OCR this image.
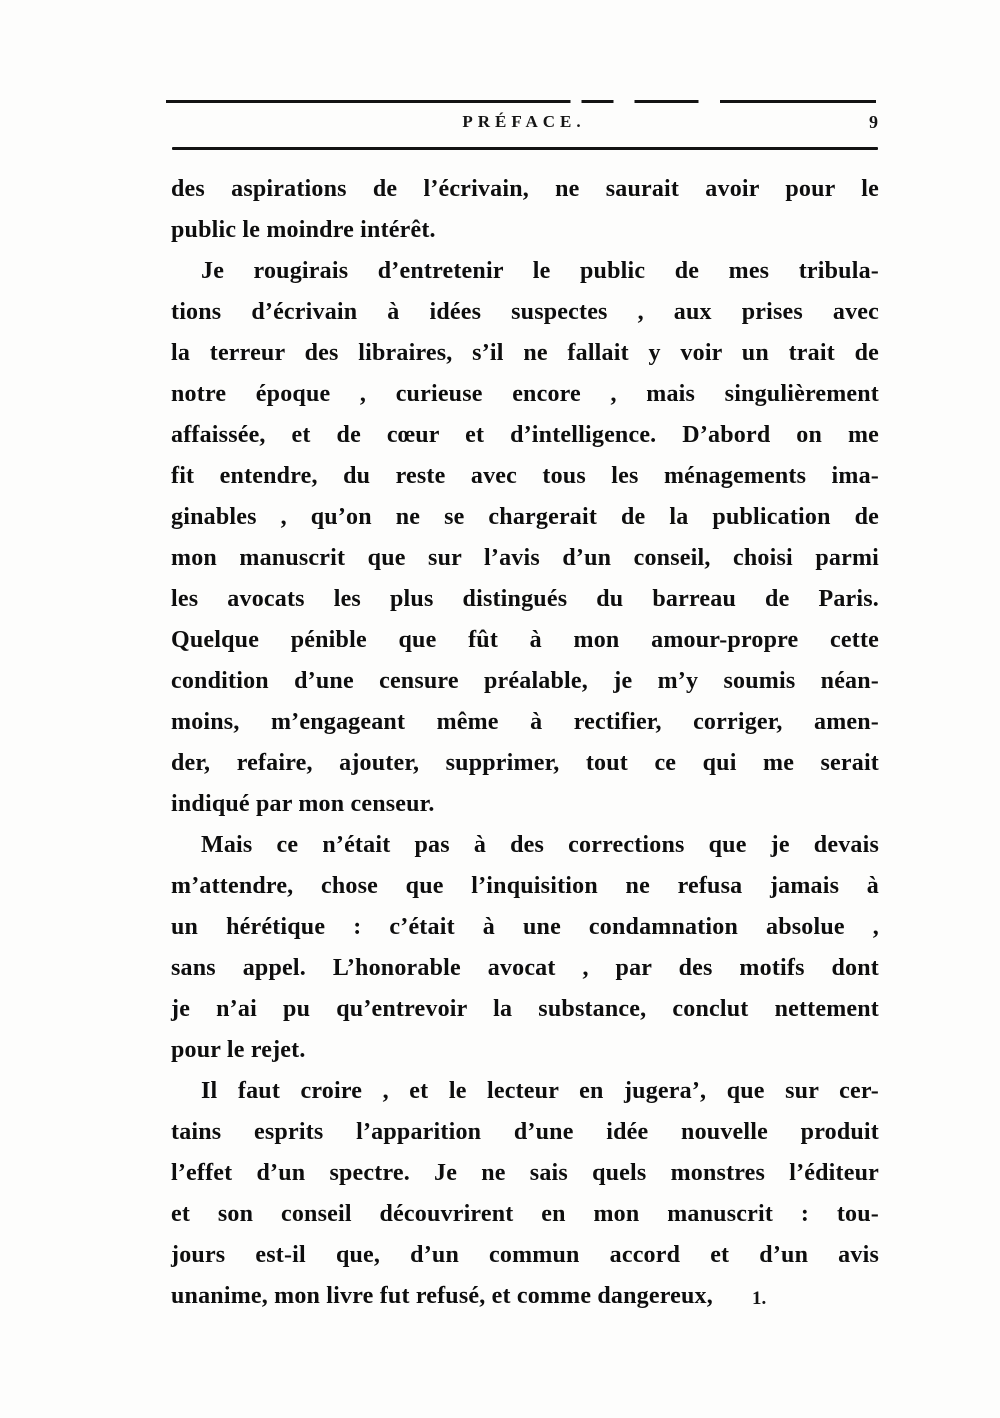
PRÉFACE.	9
des aspirations de l’écrivain, ne saurait avoir pour le
public le moindre intérêt.
Je rougirais d’entretenir le public de mes tribula-
tions d’écrivain à idées suspectes , aux prises avec
la terreur des libraires, s’il ne fallait y voir un trait de
notre époque , curieuse encore , mais singulièrement
affaissée, et de cœur et d’intelligence. D’abord on me
fit entendre, du reste avec tous les ménagements ima-
ginables , qu’on ne se chargerait de la publication de
mon manuscrit que sur l’avis d’un conseil, choisi parmi
les avocats les plus distingués du barreau de Paris.
Quelque pénible que fût à mon amour-propre cette
condition d’une censure préalable, je m’y soumis néan-
moins, m’engageant même à rectifier, corriger, amen-
der, refaire, ajouter, supprimer, tout ce qui me serait
indiqué par mon censeur.
Mais ce n’était pas à des corrections que je devais
m’attendre, chose que l’inquisition ne refusa jamais à
un hérétique : c’était à une condamnation absolue ,
sans appel. L’honorable avocat , par des motifs dont
je n’ai pu qu’entrevoir la substance, conclut nettement
pour le rejet.
Il faut croire , et le lecteur en jugera’, que sur cer-
tains esprits l’apparition d’une idée nouvelle produit
l’effet d’un spectre. Je ne sais quels monstres l’éditeur
et son conseil découvrirent en mon manuscrit : tou-
jours est-il que, d’un commun accord et d’un avis
unanime, mon livre fut refusé, et comme dangereux,	1.
